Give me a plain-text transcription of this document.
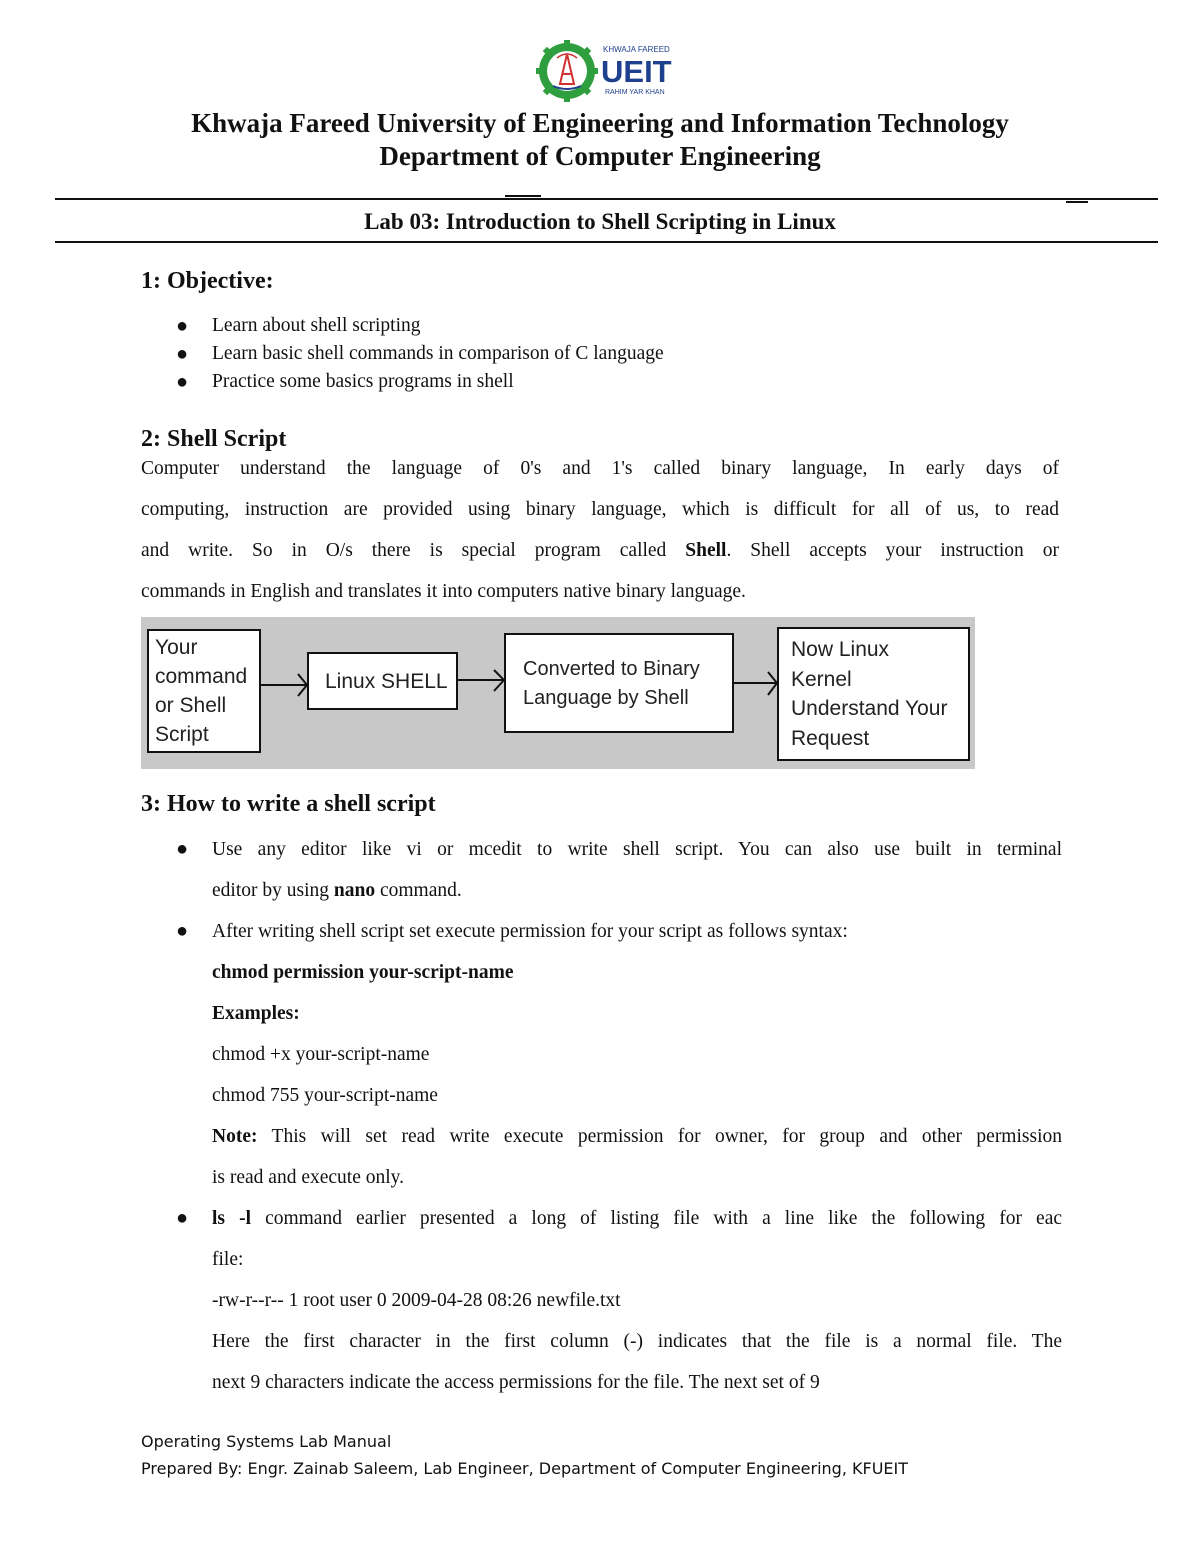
KHWAJA FAREED
UEIT
RAHIM YAR KHAN
Khwaja Fareed University of Engineering and Information Technology
Department of Computer Engineering
Lab 03: Introduction to Shell Scripting in Linux
1: Objective:
● Learn about shell scripting
● Learn basic shell commands in comparison of C language
● Practice some basics programs in shell
2: Shell Script
Computer understand the language of 0's and 1's called binary language, In early days of
computing, instruction are provided using binary language, which is difficult for all of us, to read
and write. So in O/s there is special program called Shell. Shell accepts your instruction or
commands in English and translates it into computers native binary language.
Your
command
or Shell
Script
Linux SHELL
Converted to Binary
Language by Shell
Now Linux
Kernel
Understand Your
Request
3: How to write a shell script
● Use any editor like vi or mcedit to write shell script. You can also use built in terminal
editor by using nano command.
● After writing shell script set execute permission for your script as follows syntax:
chmod permission your-script-name
Examples:
chmod +x your-script-name
chmod 755 your-script-name
Note: This will set read write execute permission for owner, for group and other permission
is read and execute only.
● ls -l command earlier presented a long of listing file with a line like the following for eac
file:
-rw-r--r-- 1 root user 0 2009-04-28 08:26 newfile.txt
Here the first character in the first column (-) indicates that the file is a normal file. The
next 9 characters indicate the access permissions for the file. The next set of 9
Operating Systems Lab Manual
Prepared By: Engr. Zainab Saleem, Lab Engineer, Department of Computer Engineering, KFUEIT
